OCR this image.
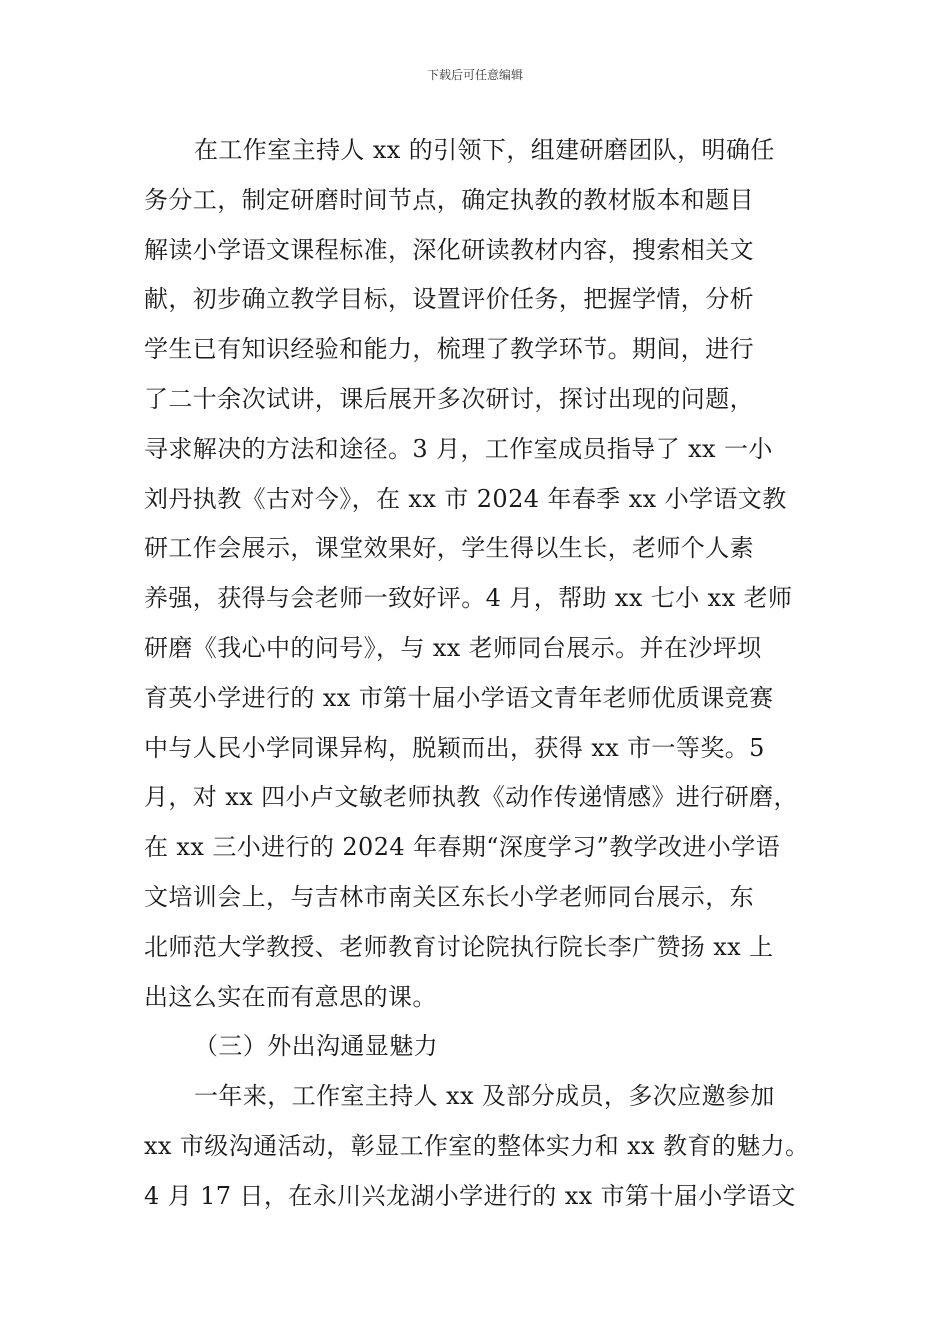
下载后可任意编辑
在工作室主持人 xx 的引领下，组建研磨团队，明确任
务分工，制定研磨时间节点，确定执教的教材版本和题目
解读小学语文课程标准，深化研读教材内容，搜索相关文
献，初步确立教学目标，设置评价任务，把握学情，分析
学生已有知识经验和能力，梳理了教学环节。期间，进行
了二十余次试讲，课后展开多次研讨，探讨出现的问题，
寻求解决的方法和途径。3 月，工作室成员指导了 xx 一小
刘丹执教《古对今》，在 xx 市 2024 年春季 xx 小学语文教
研工作会展示，课堂效果好，学生得以生长，老师个人素
养强，获得与会老师一致好评。4 月，帮助 xx 七小 xx 老师
研磨《我心中的问号》，与 xx 老师同台展示。并在沙坪坝
育英小学进行的 xx 市第十届小学语文青年老师优质课竞赛
中与人民小学同课异构，脱颖而出，获得 xx 市一等奖。5
月，对 xx 四小卢文敏老师执教《动作传递情感》进行研磨，
在 xx 三小进行的 2024 年春期“深度学习”教学改进小学语
文培训会上，与吉林市南关区东长小学老师同台展示，东
北师范大学教授、老师教育讨论院执行院长李广赞扬 xx 上
出这么实在而有意思的课。
（三）外出沟通显魅力
一年来，工作室主持人 xx 及部分成员，多次应邀参加
xx 市级沟通活动，彰显工作室的整体实力和 xx 教育的魅力。
4 月 17 日，在永川兴龙湖小学进行的 xx 市第十届小学语文
